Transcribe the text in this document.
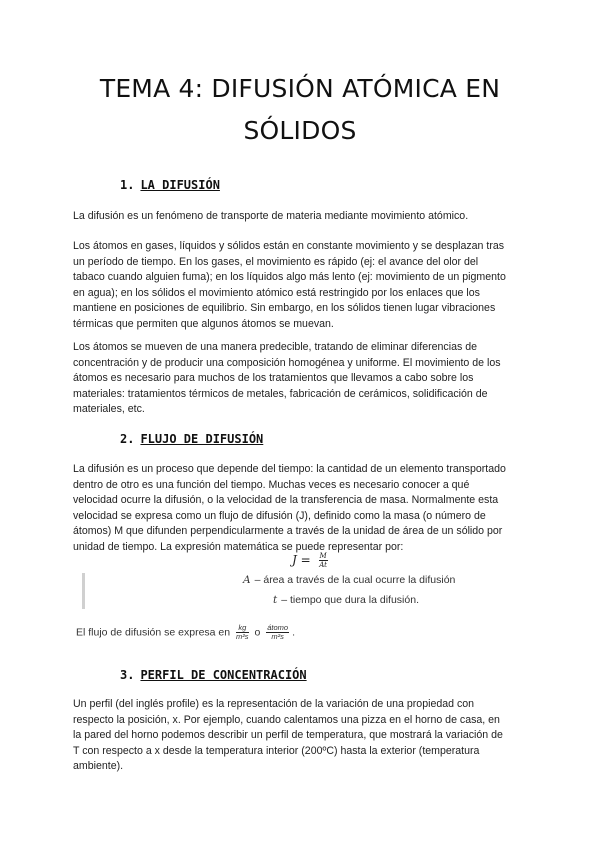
TEMA 4: DIFUSIÓN ATÓMICA EN
SÓLIDOS
1. LA DIFUSIÓN

La difusión es un fenómeno de transporte de materia mediante movimiento atómico.

Los átomos en gases, líquidos y sólidos están en constante movimiento y se desplazan tras
un período de tiempo. En los gases, el movimiento es rápido (ej: el avance del olor del
tabaco cuando alguien fuma); en los líquidos algo más lento (ej: movimiento de un pigmento
en agua); en los sólidos el movimiento atómico está restringido por los enlaces que los
mantiene en posiciones de equilibrio. Sin embargo, en los sólidos tienen lugar vibraciones
térmicas que permiten que algunos átomos se muevan.

Los átomos se mueven de una manera predecible, tratando de eliminar diferencias de
concentración y de producir una composición homogénea y uniforme. El movimiento de los
átomos es necesario para muchos de los tratamientos que llevamos a cabo sobre los
materiales: tratamientos térmicos de metales, fabricación de cerámicos, solidificación de
materiales, etc.

2. FLUJO DE DIFUSIÓN

La difusión es un proceso que depende del tiempo: la cantidad de un elemento transportado
dentro de otro es una función del tiempo. Muchas veces es necesario conocer a qué
velocidad ocurre la difusión, o la velocidad de la transferencia de masa. Normalmente esta
velocidad se expresa como un flujo de difusión (J), definido como la masa (o número de
átomos) M que difunden perpendicularmente a través de la unidad de área de un sólido por
unidad de tiempo. La expresión matemática se puede representar por:

$J = \frac{M}{At}$
A – área a través de la cual ocurre la difusión
t – tiempo que dura la difusión.
El flujo de difusión se expresa en $\frac{kg}{\text{m²s}}$ o $\frac{\text{átomo}}{\text{m²s}}$ .
3. PERFIL DE CONCENTRACIÓN

Un perfil (del inglés profile) es la representación de la variación de una propiedad con
respecto la posición, x. Por ejemplo, cuando calentamos una pizza en el horno de casa, en
la pared del horno podemos describir un perfil de temperatura, que mostrará la variación de
T con respecto a x desde la temperatura interior (200ºC) hasta la exterior (temperatura
ambiente).
